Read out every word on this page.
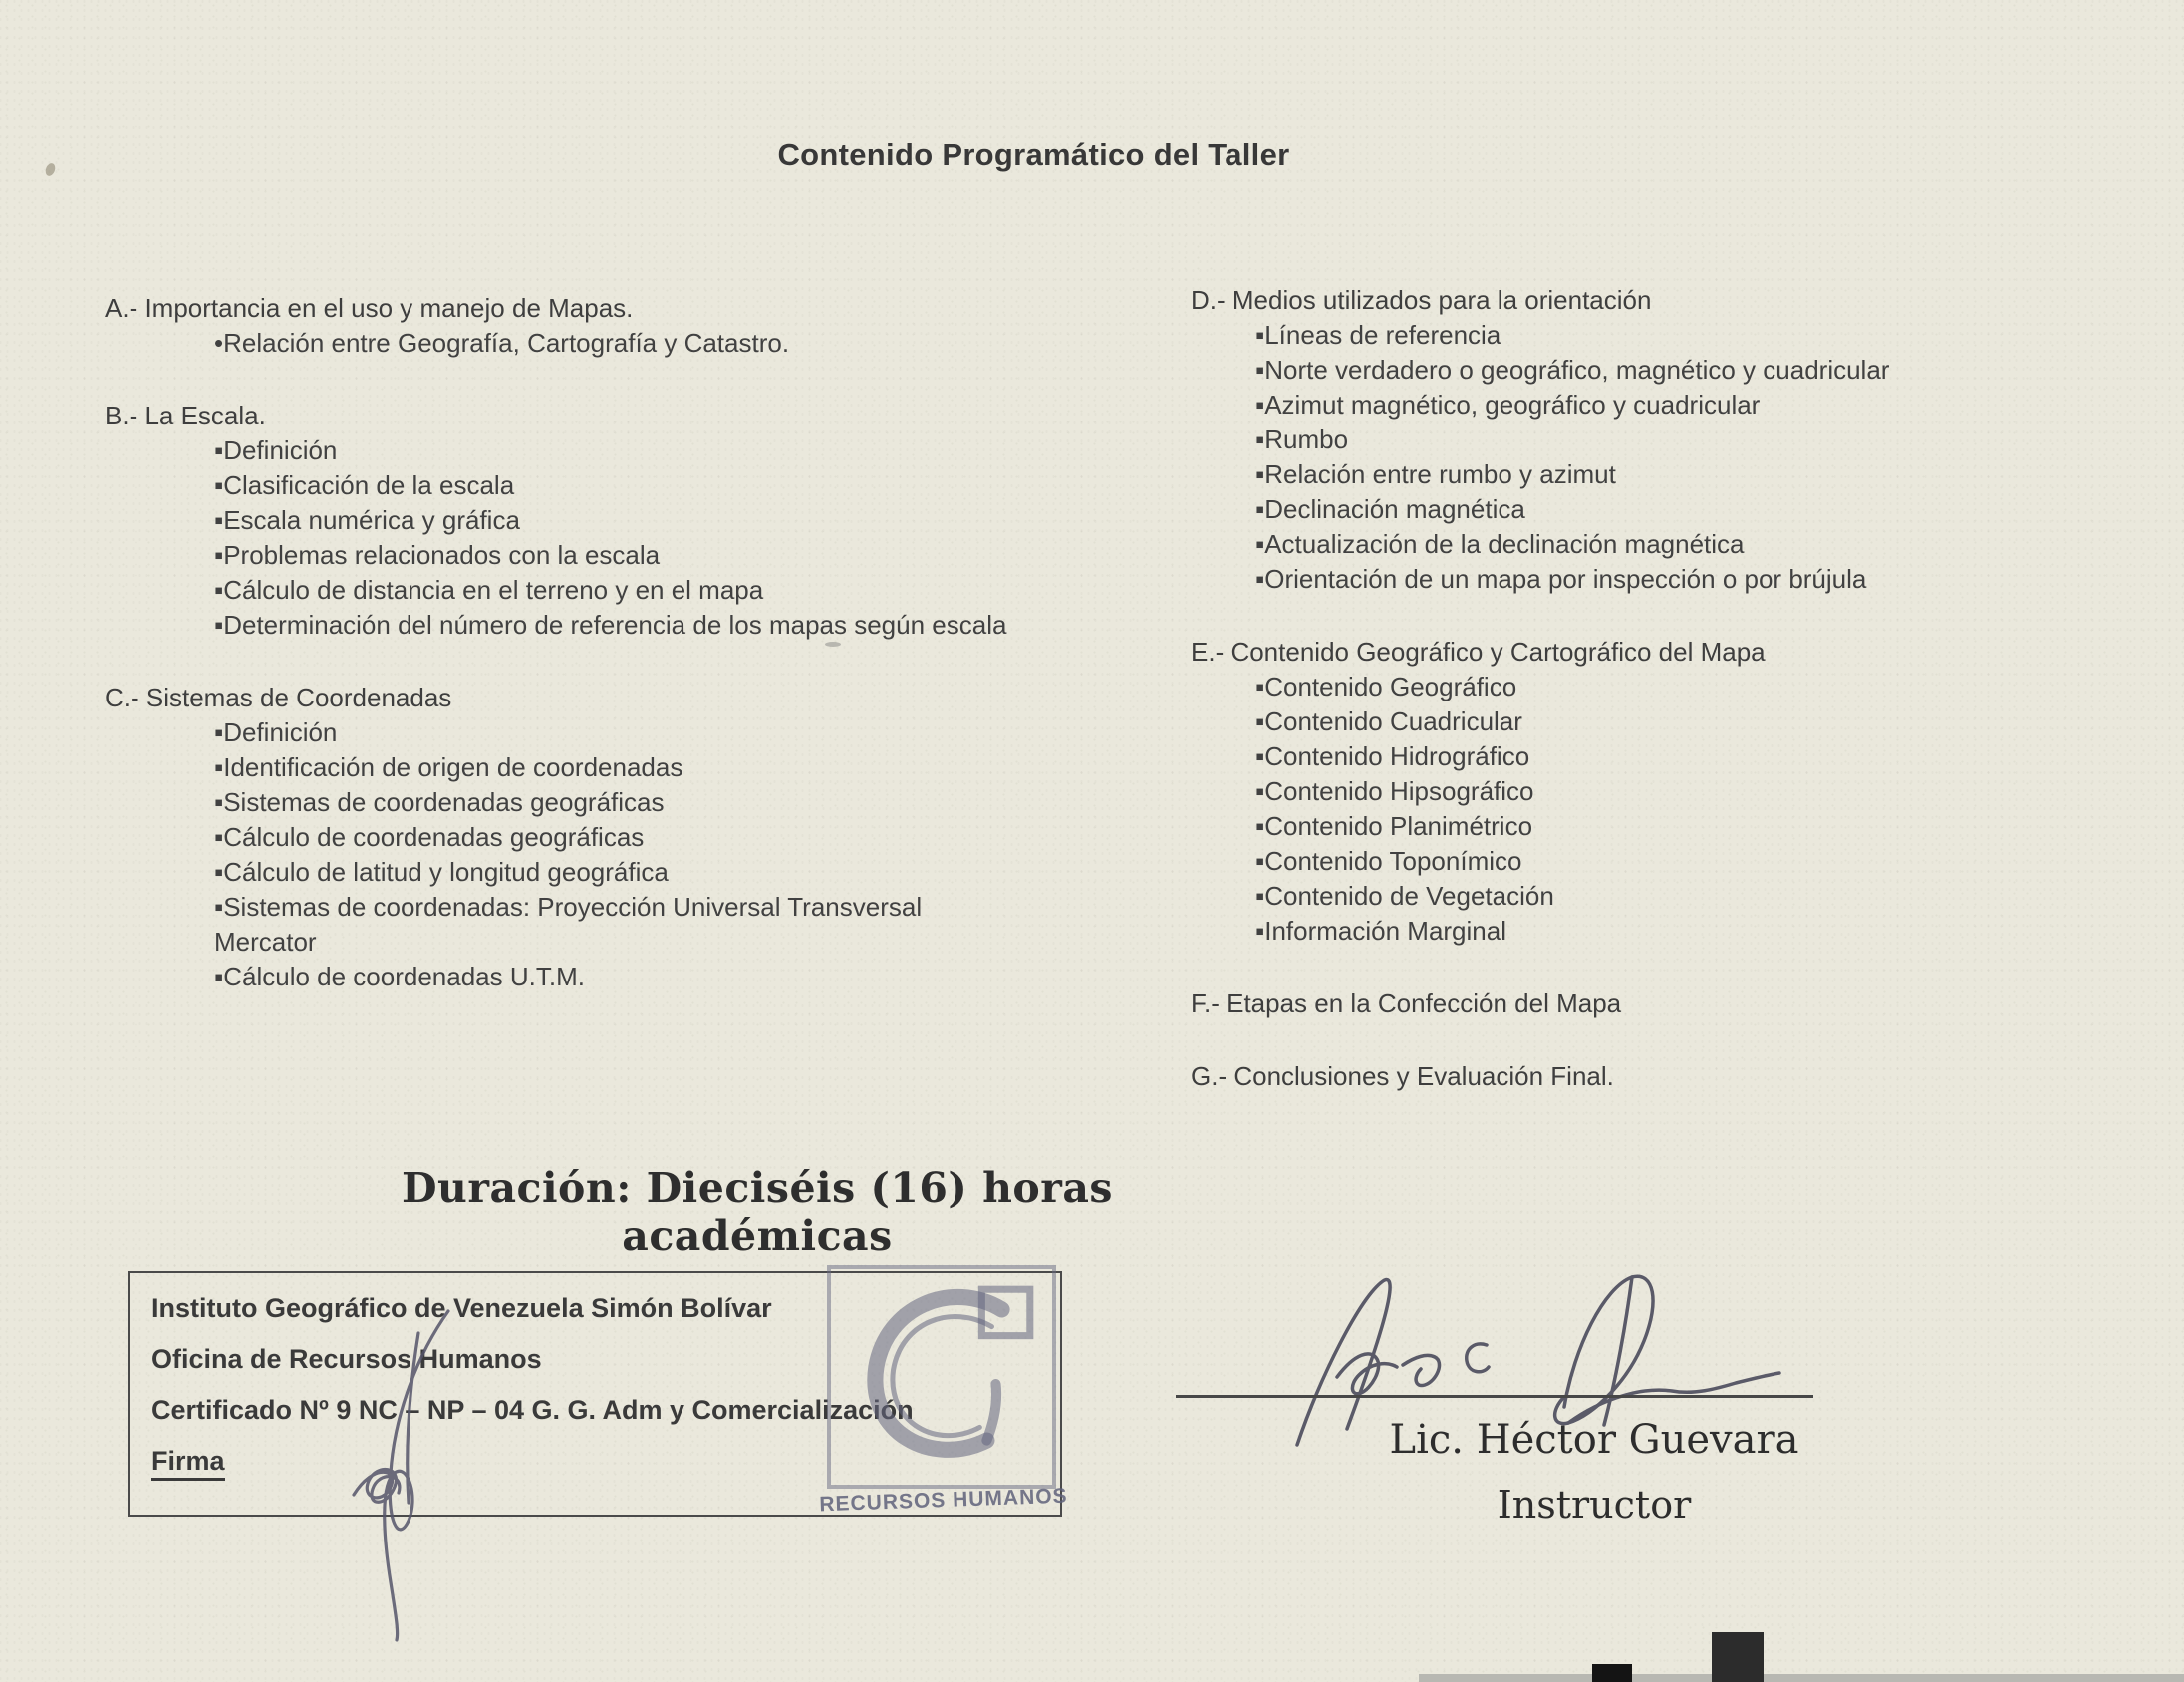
Contenido Programático del Taller
A.- Importancia en el uso y manejo de Mapas.
•Relación entre Geografía, Cartografía y Catastro.
B.- La Escala.
▪Definición
▪Clasificación de la escala
▪Escala numérica y gráfica
▪Problemas relacionados con la escala
▪Cálculo de distancia en el terreno y en el mapa
▪Determinación del número de referencia de los mapas según escala
C.- Sistemas de Coordenadas
▪Definición
▪Identificación de origen de coordenadas
▪Sistemas de coordenadas geográficas
▪Cálculo de coordenadas geográficas
▪Cálculo de latitud y longitud geográfica
▪Sistemas de coordenadas: Proyección Universal Transversal Mercator
▪Cálculo de coordenadas U.T.M.
D.- Medios utilizados para la orientación
▪Líneas de referencia
▪Norte verdadero o geográfico, magnético y cuadricular
▪Azimut magnético, geográfico y cuadricular
▪Rumbo
▪Relación entre rumbo y azimut
▪Declinación magnética
▪Actualización de la declinación magnética
▪Orientación de un mapa por inspección o por brújula
E.- Contenido Geográfico y Cartográfico del Mapa
▪Contenido Geográfico
▪Contenido Cuadricular
▪Contenido Hidrográfico
▪Contenido Hipsográfico
▪Contenido Planimétrico
▪Contenido Toponímico
▪Contenido de Vegetación
▪Información Marginal
F.- Etapas en la Confección del Mapa
G.- Conclusiones y Evaluación Final.
Duración: Dieciséis (16) horas académicas
Instituto Geográfico de Venezuela Simón Bolívar
Oficina de Recursos Humanos
Certificado Nº 9 NC – NP – 04 G. G. Adm y Comercialización
Firma
RECURSOS HUMANOS
Lic. Héctor Guevara
Instructor
